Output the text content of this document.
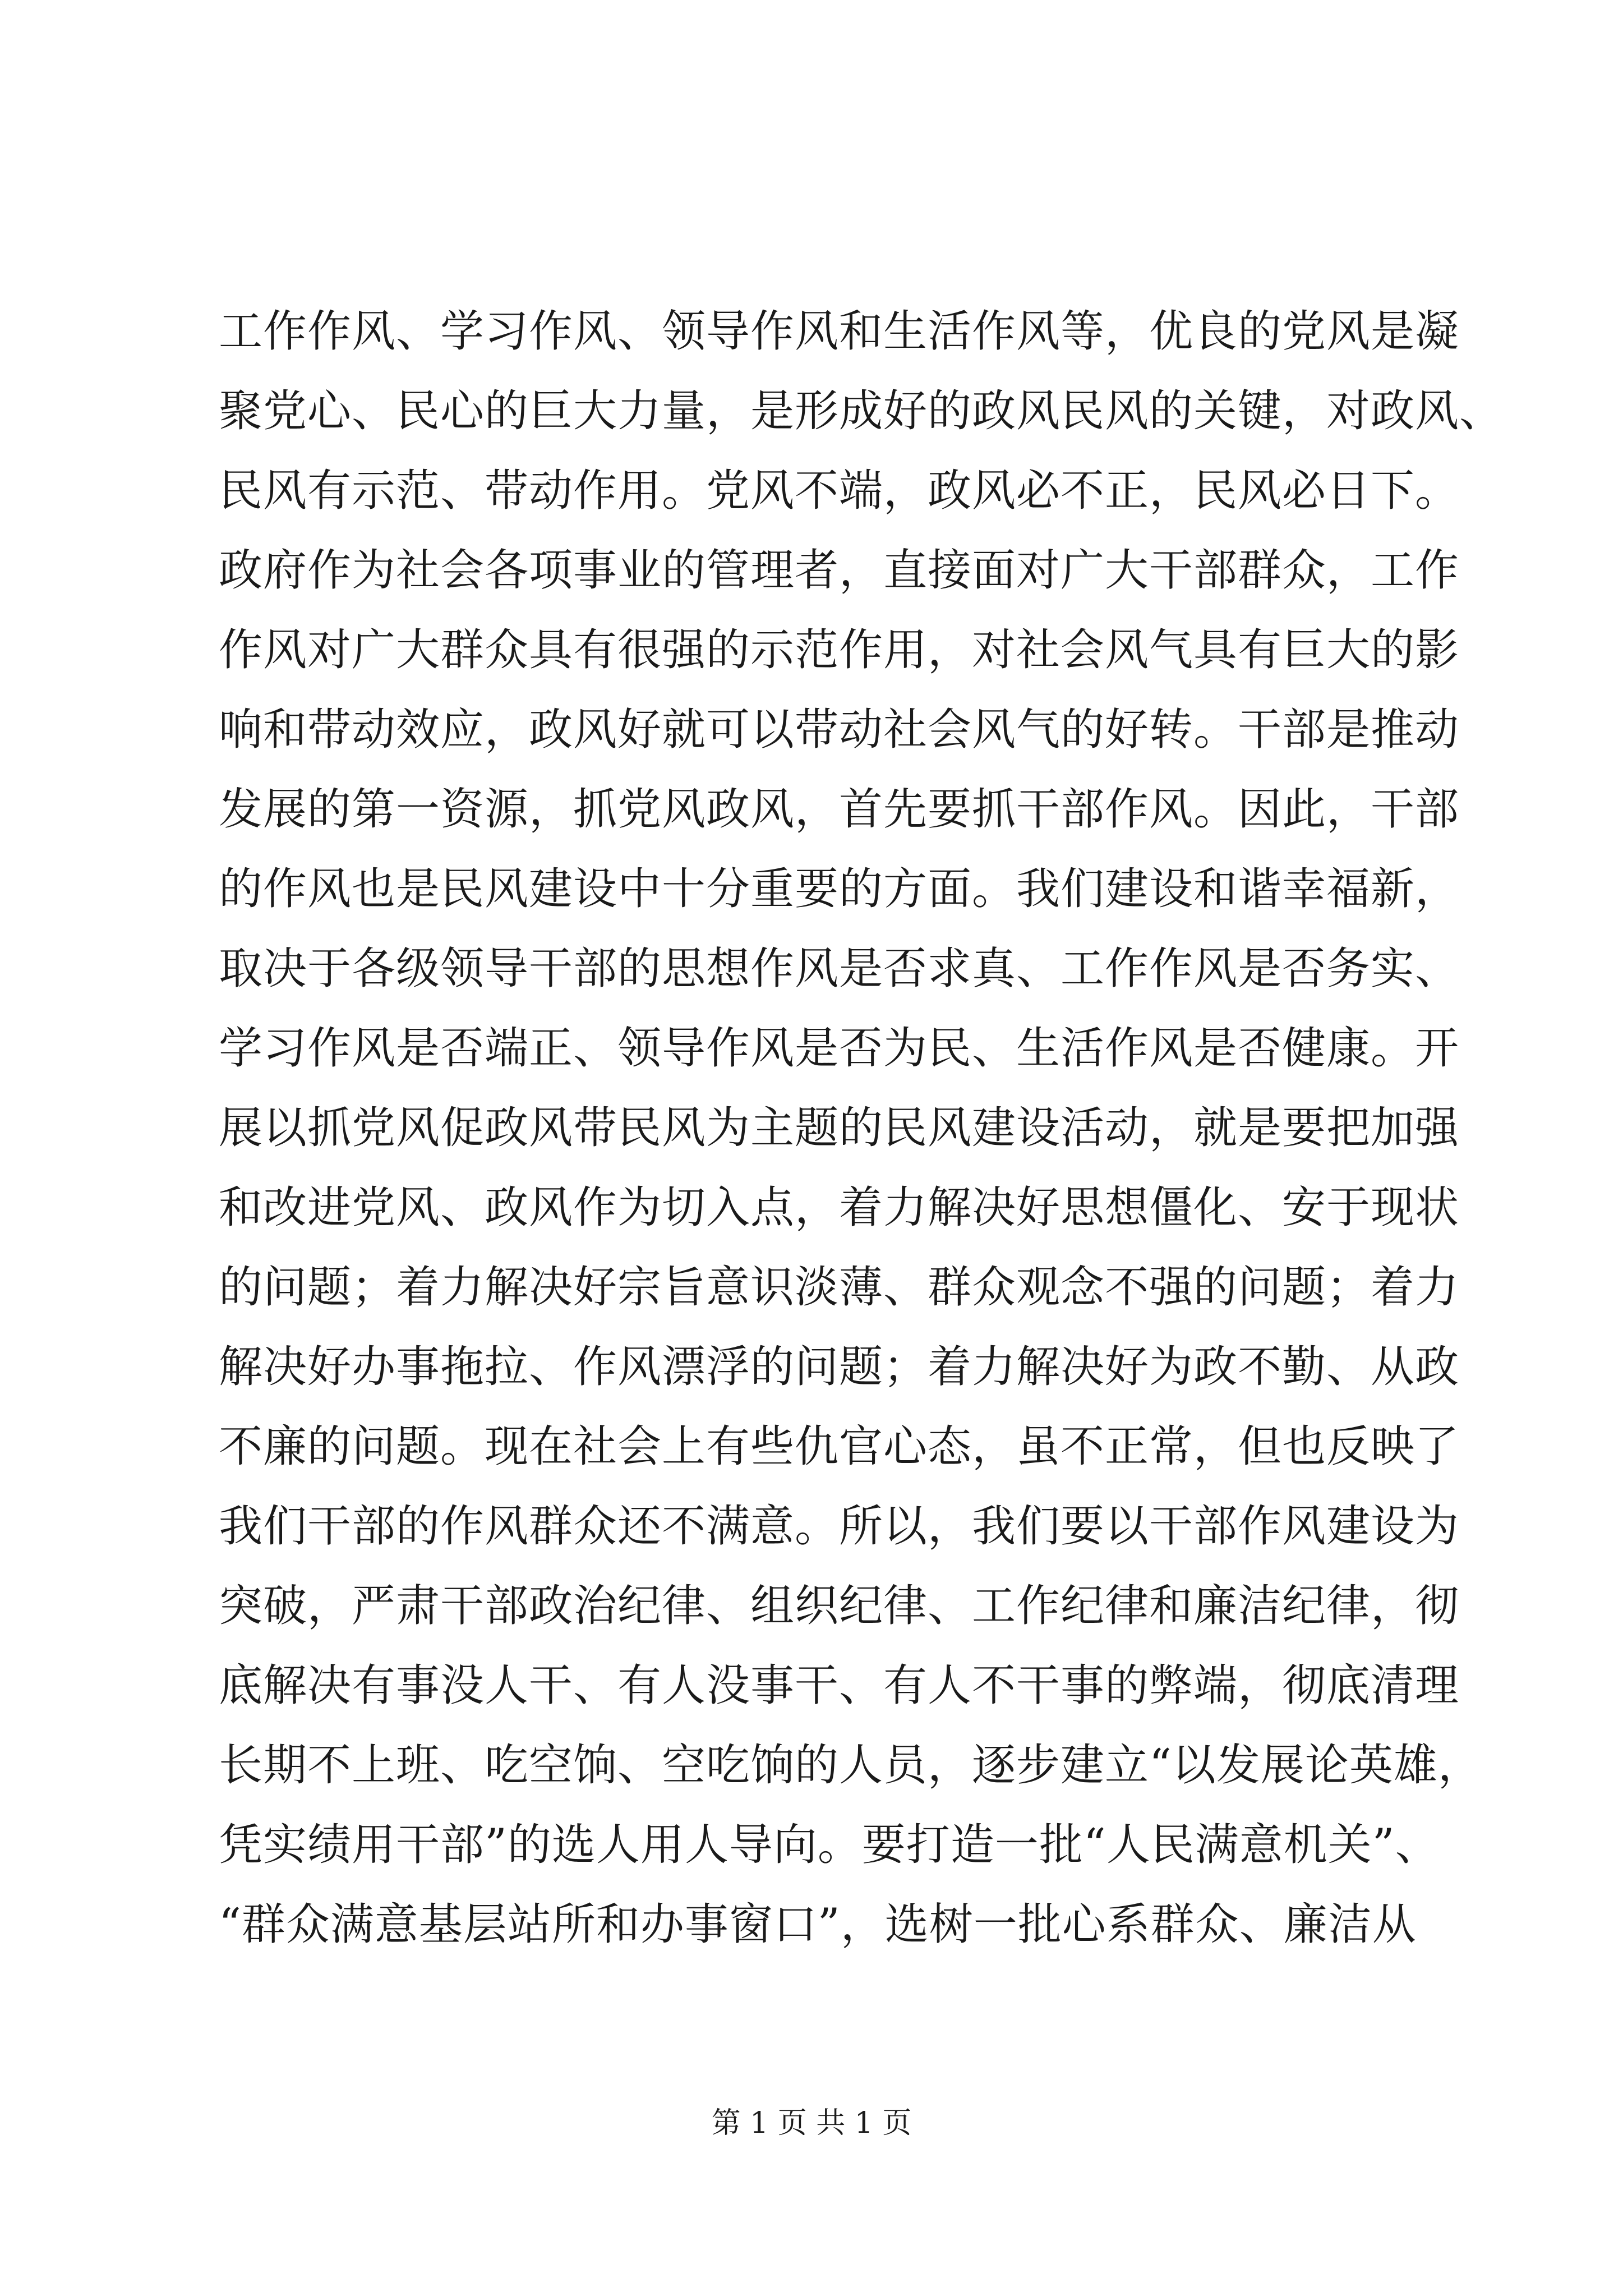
工作作风、学习作风、领导作风和生活作风等，优良的党风是凝
聚党心、民心的巨大力量，是形成好的政风民风的关键，对政风、
民风有示范、带动作用。党风不端，政风必不正，民风必日下。
政府作为社会各项事业的管理者，直接面对广大干部群众，工作
作风对广大群众具有很强的示范作用，对社会风气具有巨大的影
响和带动效应，政风好就可以带动社会风气的好转。干部是推动
发展的第一资源，抓党风政风，首先要抓干部作风。因此，干部
的作风也是民风建设中十分重要的方面。我们建设和谐幸福新，
取决于各级领导干部的思想作风是否求真、工作作风是否务实、
学习作风是否端正、领导作风是否为民、生活作风是否健康。开
展以抓党风促政风带民风为主题的民风建设活动，就是要把加强
和改进党风、政风作为切入点，着力解决好思想僵化、安于现状
的问题；着力解决好宗旨意识淡薄、群众观念不强的问题；着力
解决好办事拖拉、作风漂浮的问题；着力解决好为政不勤、从政
不廉的问题。现在社会上有些仇官心态，虽不正常，但也反映了
我们干部的作风群众还不满意。所以，我们要以干部作风建设为
突破，严肃干部政治纪律、组织纪律、工作纪律和廉洁纪律，彻
底解决有事没人干、有人没事干、有人不干事的弊端，彻底清理
长期不上班、吃空饷、空吃饷的人员，逐步建立“以发展论英雄，
凭实绩用干部”的选人用人导向。要打造一批“人民满意机关”、
“群众满意基层站所和办事窗口”，选树一批心系群众、廉洁从
第 1 页 共 1 页
